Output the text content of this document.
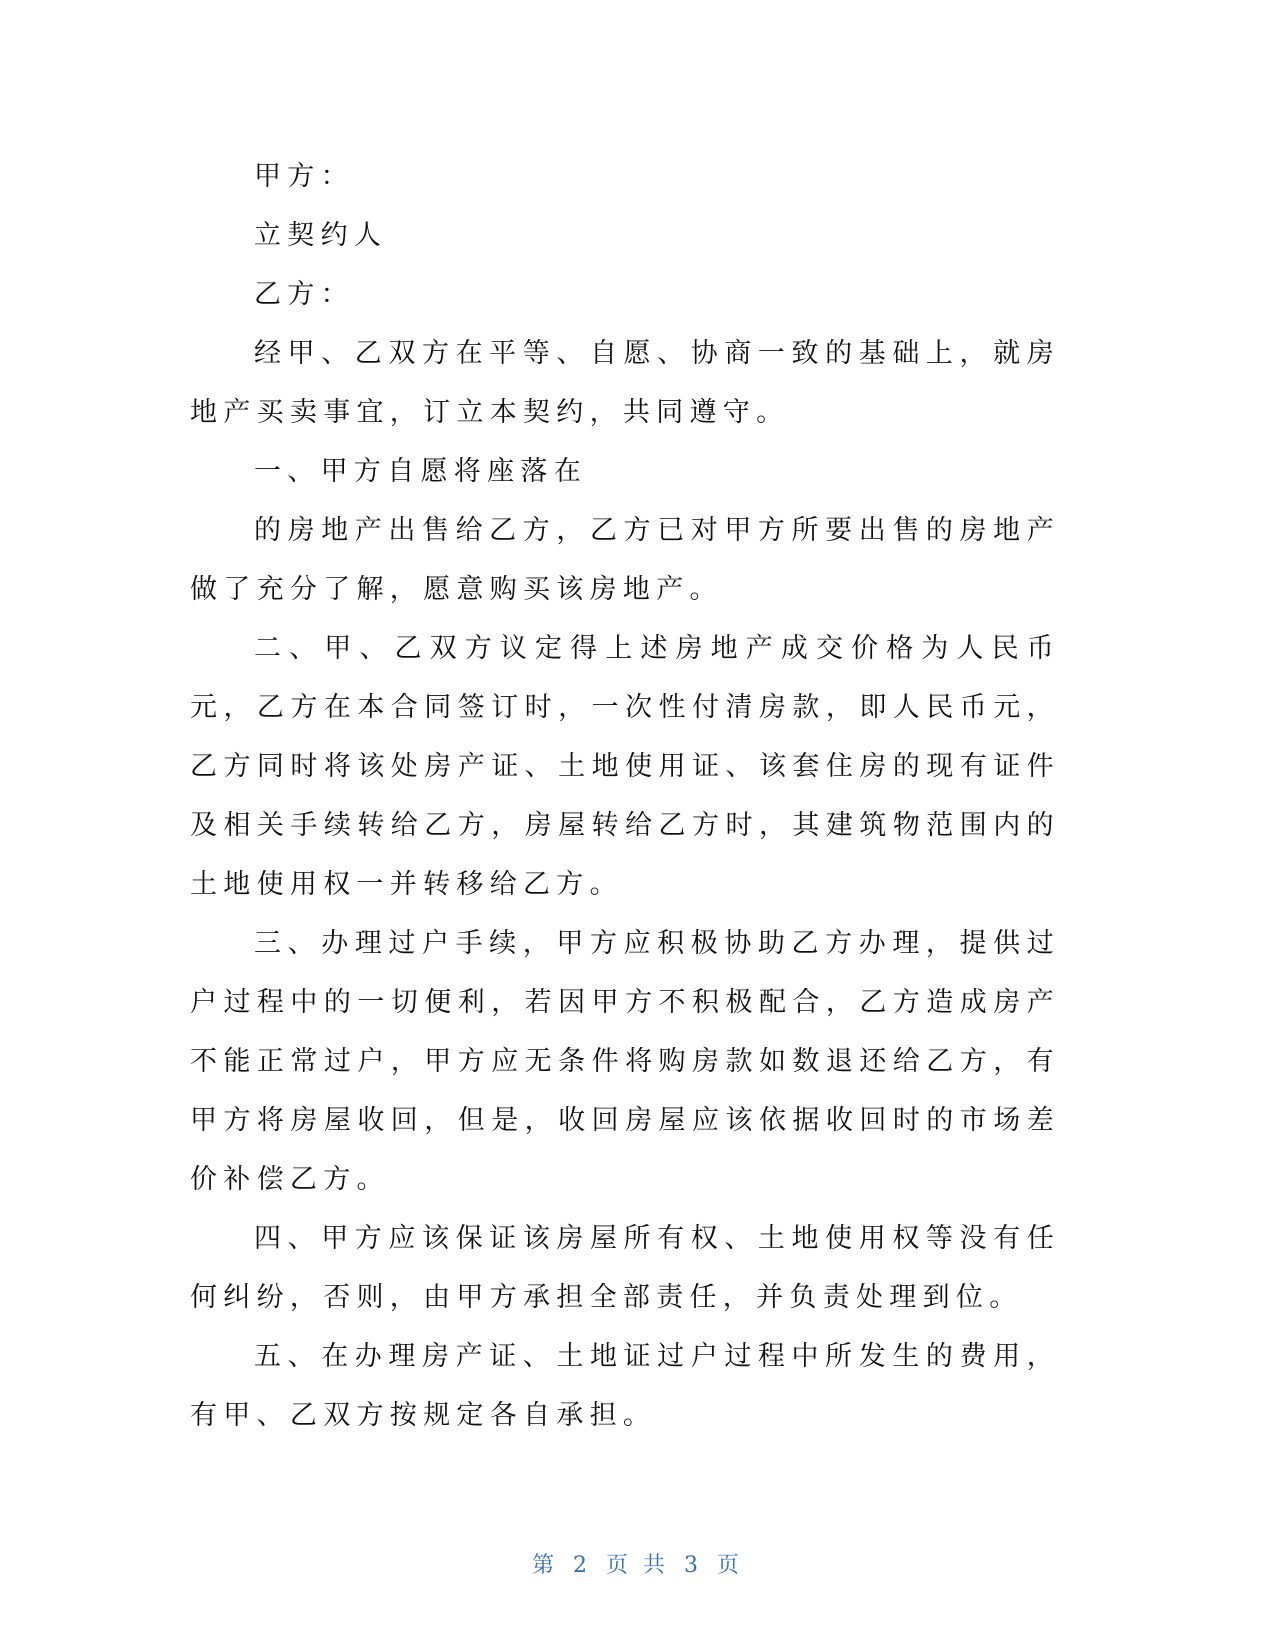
甲方：

立契约人

乙方：

经甲、乙双方在平等、自愿、协商一致的基础上，就房地产买卖事宜，订立本契约，共同遵守。

一、甲方自愿将座落在

的房地产出售给乙方，乙方已对甲方所要出售的房地产做了充分了解，愿意购买该房地产。

二、甲、乙双方议定得上述房地产成交价格为人民币元，乙方在本合同签订时，一次性付清房款，即人民币元，乙方同时将该处房产证、土地使用证、该套住房的现有证件及相关手续转给乙方，房屋转给乙方时，其建筑物范围内的土地使用权一并转移给乙方。

三、办理过户手续，甲方应积极协助乙方办理，提供过户过程中的一切便利，若因甲方不积极配合，乙方造成房产不能正常过户，甲方应无条件将购房款如数退还给乙方，有甲方将房屋收回，但是，收回房屋应该依据收回时的市场差价补偿乙方。

四、甲方应该保证该房屋所有权、土地使用权等没有任何纠纷，否则，由甲方承担全部责任，并负责处理到位。

五、在办理房产证、土地证过户过程中所发生的费用，有甲、乙双方按规定各自承担。

第 2 页 共 3 页
